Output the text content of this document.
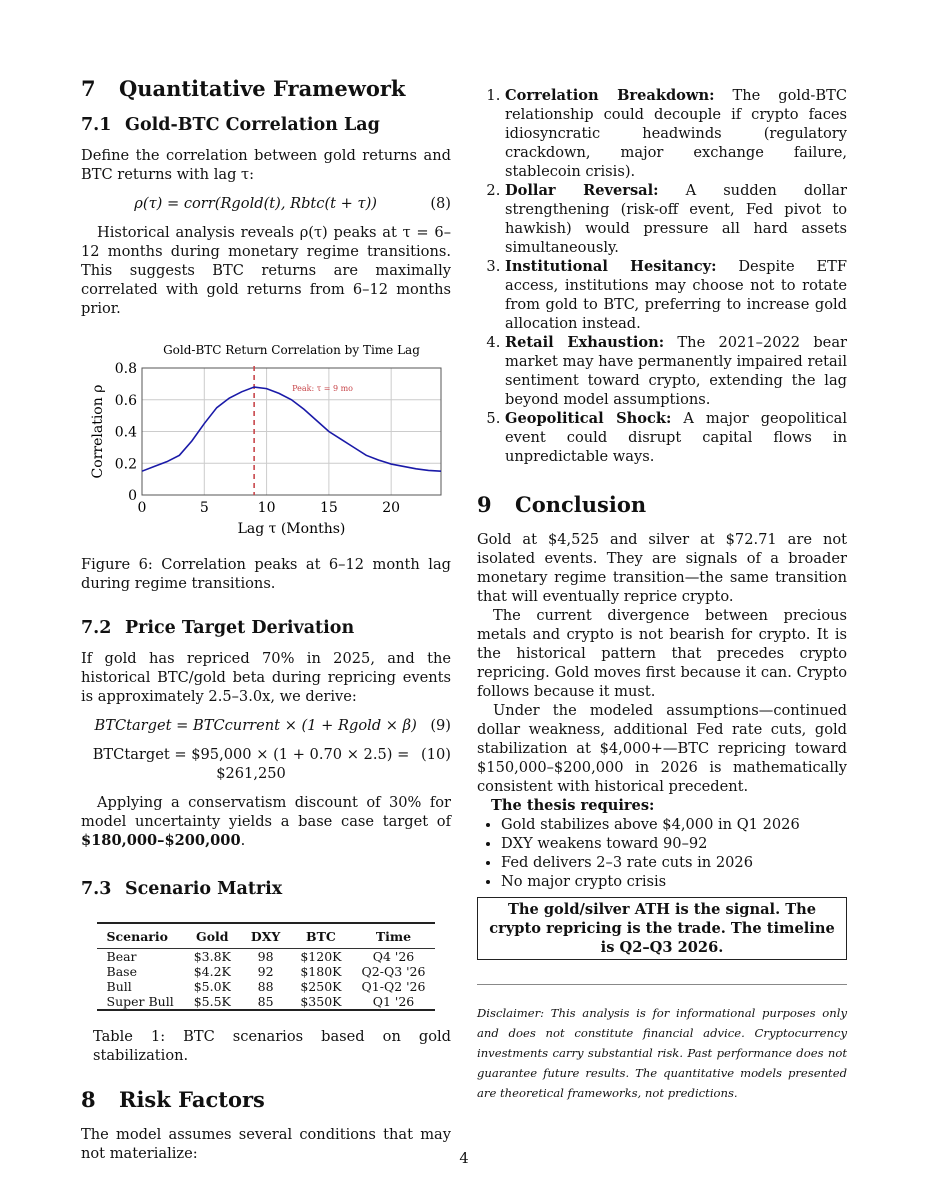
7 Quantitative Framework
7.1 Gold-BTC Correlation Lag

Define the correlation between gold returns and BTC returns with lag τ:

ρ(τ) = corr(Rgold(t), Rbtc(t + τ))	(8)

Historical analysis reveals ρ(τ) peaks at τ = 6–12 months during monetary regime transitions. This suggests BTC returns are maximally correlated with gold returns from 6–12 months prior.

Gold-BTC Return Correlation by Time Lag
0	5	10	15	20
0
0.2
0.4
0.6
0.8
Peak: τ = 9 mo
Lag τ (Months)
Correlation ρ

Figure 6: Correlation peaks at 6–12 month lag during regime transitions.

7.2 Price Target Derivation

If gold has repriced 70% in 2025, and the historical BTC/gold beta during repricing events is approximately 2.5–3.0x, we derive:

BTCtarget = BTCcurrent × (1 + Rgold × β) (9)
BTCtarget = $95,000 × (1 + 0.70 × 2.5) = $261,250
(10)

Applying a conservatism discount of 30% for model uncertainty yields a base case target of $180,000–$200,000.

7.3 Scenario Matrix
Scenario	Gold	DXY	BTC	Time
Bear	$3.8K	98	$120K	Q4 '26
Base	$4.2K	92	$180K	Q2-Q3 '26
Bull	$5.0K	88	$250K	Q1-Q2 '26
Super Bull	$5.5K	85	$350K	Q1 '26

Table 1: BTC scenarios based on gold stabilization.

8 Risk Factors

The model assumes several conditions that may not materialize:

1. Correlation Breakdown: The gold-BTC relationship could decouple if crypto faces idiosyncratic headwinds (regulatory crackdown, major exchange failure, stablecoin crisis).
2. Dollar Reversal: A sudden dollar strengthening (risk-off event, Fed pivot to hawkish) would pressure all hard assets simultaneously.
3. Institutional Hesitancy: Despite ETF access, institutions may choose not to rotate from gold to BTC, preferring to increase gold allocation instead.
4. Retail Exhaustion: The 2021–2022 bear market may have permanently impaired retail sentiment toward crypto, extending the lag beyond model assumptions.
5. Geopolitical Shock: A major geopolitical event could disrupt capital flows in unpredictable ways.
9 Conclusion

Gold at $4,525 and silver at $72.71 are not isolated events. They are signals of a broader monetary regime transition—the same transition that will eventually reprice crypto.

The current divergence between precious metals and crypto is not bearish for crypto. It is the historical pattern that precedes crypto repricing. Gold moves first because it can. Crypto follows because it must.

Under the modeled assumptions—continued dollar weakness, additional Fed rate cuts, gold stabilization at $4,000+—BTC repricing toward $150,000–$200,000 in 2026 is mathematically consistent with historical precedent.

The thesis requires:
• Gold stabilizes above $4,000 in Q1 2026
• DXY weakens toward 90–92
• Fed delivers 2–3 rate cuts in 2026
• No major crypto crisis
The gold/silver ATH is the signal. The crypto repricing is the trade. The timeline is Q2–Q3 2026.
Disclaimer: This analysis is for informational purposes only and does not constitute financial advice. Cryptocurrency investments carry substantial risk. Past performance does not guarantee future results. The quantitative models presented are theoretical frameworks, not predictions.
4
